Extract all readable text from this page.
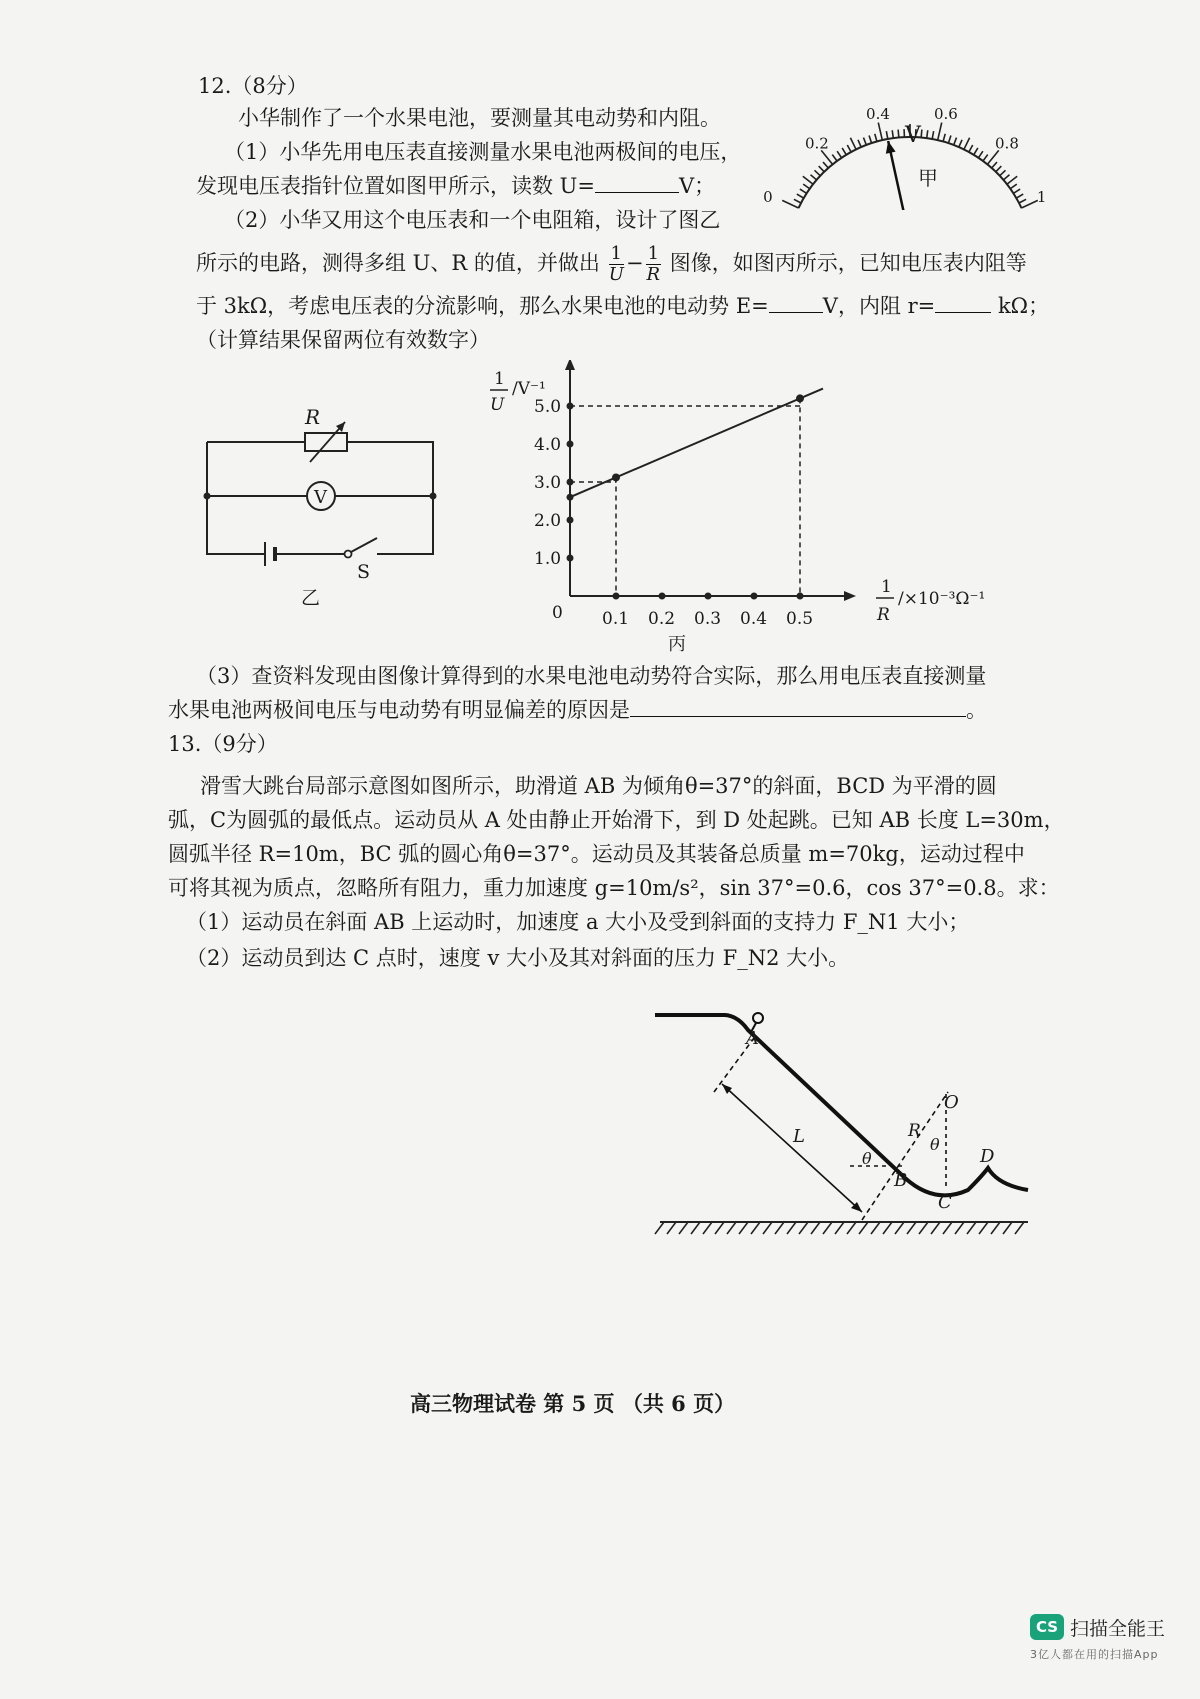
12.（8分）
小华制作了一个水果电池，要测量其电动势和内阻。
（1）小华先用电压表直接测量水果电池两极间的电压，
发现电压表指针位置如图甲所示，读数 U=	V；
（2）小华又用这个电压表和一个电阻箱，设计了图乙
所示的电路，测得多组 U、R 的值，并做出 $\frac{1}{U} - \frac{1}{R}$ 图像，如图丙所示，已知电压表内阻等
于 3kΩ，考虑电压表的分流影响，那么水果电池的电动势 E=	V，内阻 r=	kΩ；
（计算结果保留两位有效数字）
0
0.2
0.4	0.6
0.8
1
V
甲
R
V
S
乙
0.1 0.2 0.3 0.4 0.5
1.0
2.0
3.0
4.0
5.0
1
U
/V⁻¹
1
R
/×10⁻³Ω⁻¹
0
丙
（3）查资料发现由图像计算得到的水果电池电动势符合实际，那么用电压表直接测量
水果电池两极间电压与电动势有明显偏差的原因是	。
13.（9分）
滑雪大跳台局部示意图如图所示，助滑道 AB 为倾角θ=37°的斜面，BCD 为平滑的圆
弧，C为圆弧的最低点。运动员从 A 处由静止开始滑下，到 D 处起跳。已知 AB 长度 L=30m，
圆弧半径 R=10m，BC 弧的圆心角θ=37°。运动员及其装备总质量 m=70kg，运动过程中
可将其视为质点，忽略所有阻力，重力加速度 g=10m/s²，sin 37°=0.6，cos 37°=0.8。求：
（1）运动员在斜面 AB 上运动时，加速度 a 大小及受到斜面的支持力 F_N1 大小；
（2）运动员到达 C 点时，速度 v 大小及其对斜面的压力 F_N2 大小。
A
B
C
D
O
L	R
θ
θ
高三物理试卷 第 5 页 （共 6 页）
CS 扫描全能王
3亿人都在用的扫描App
